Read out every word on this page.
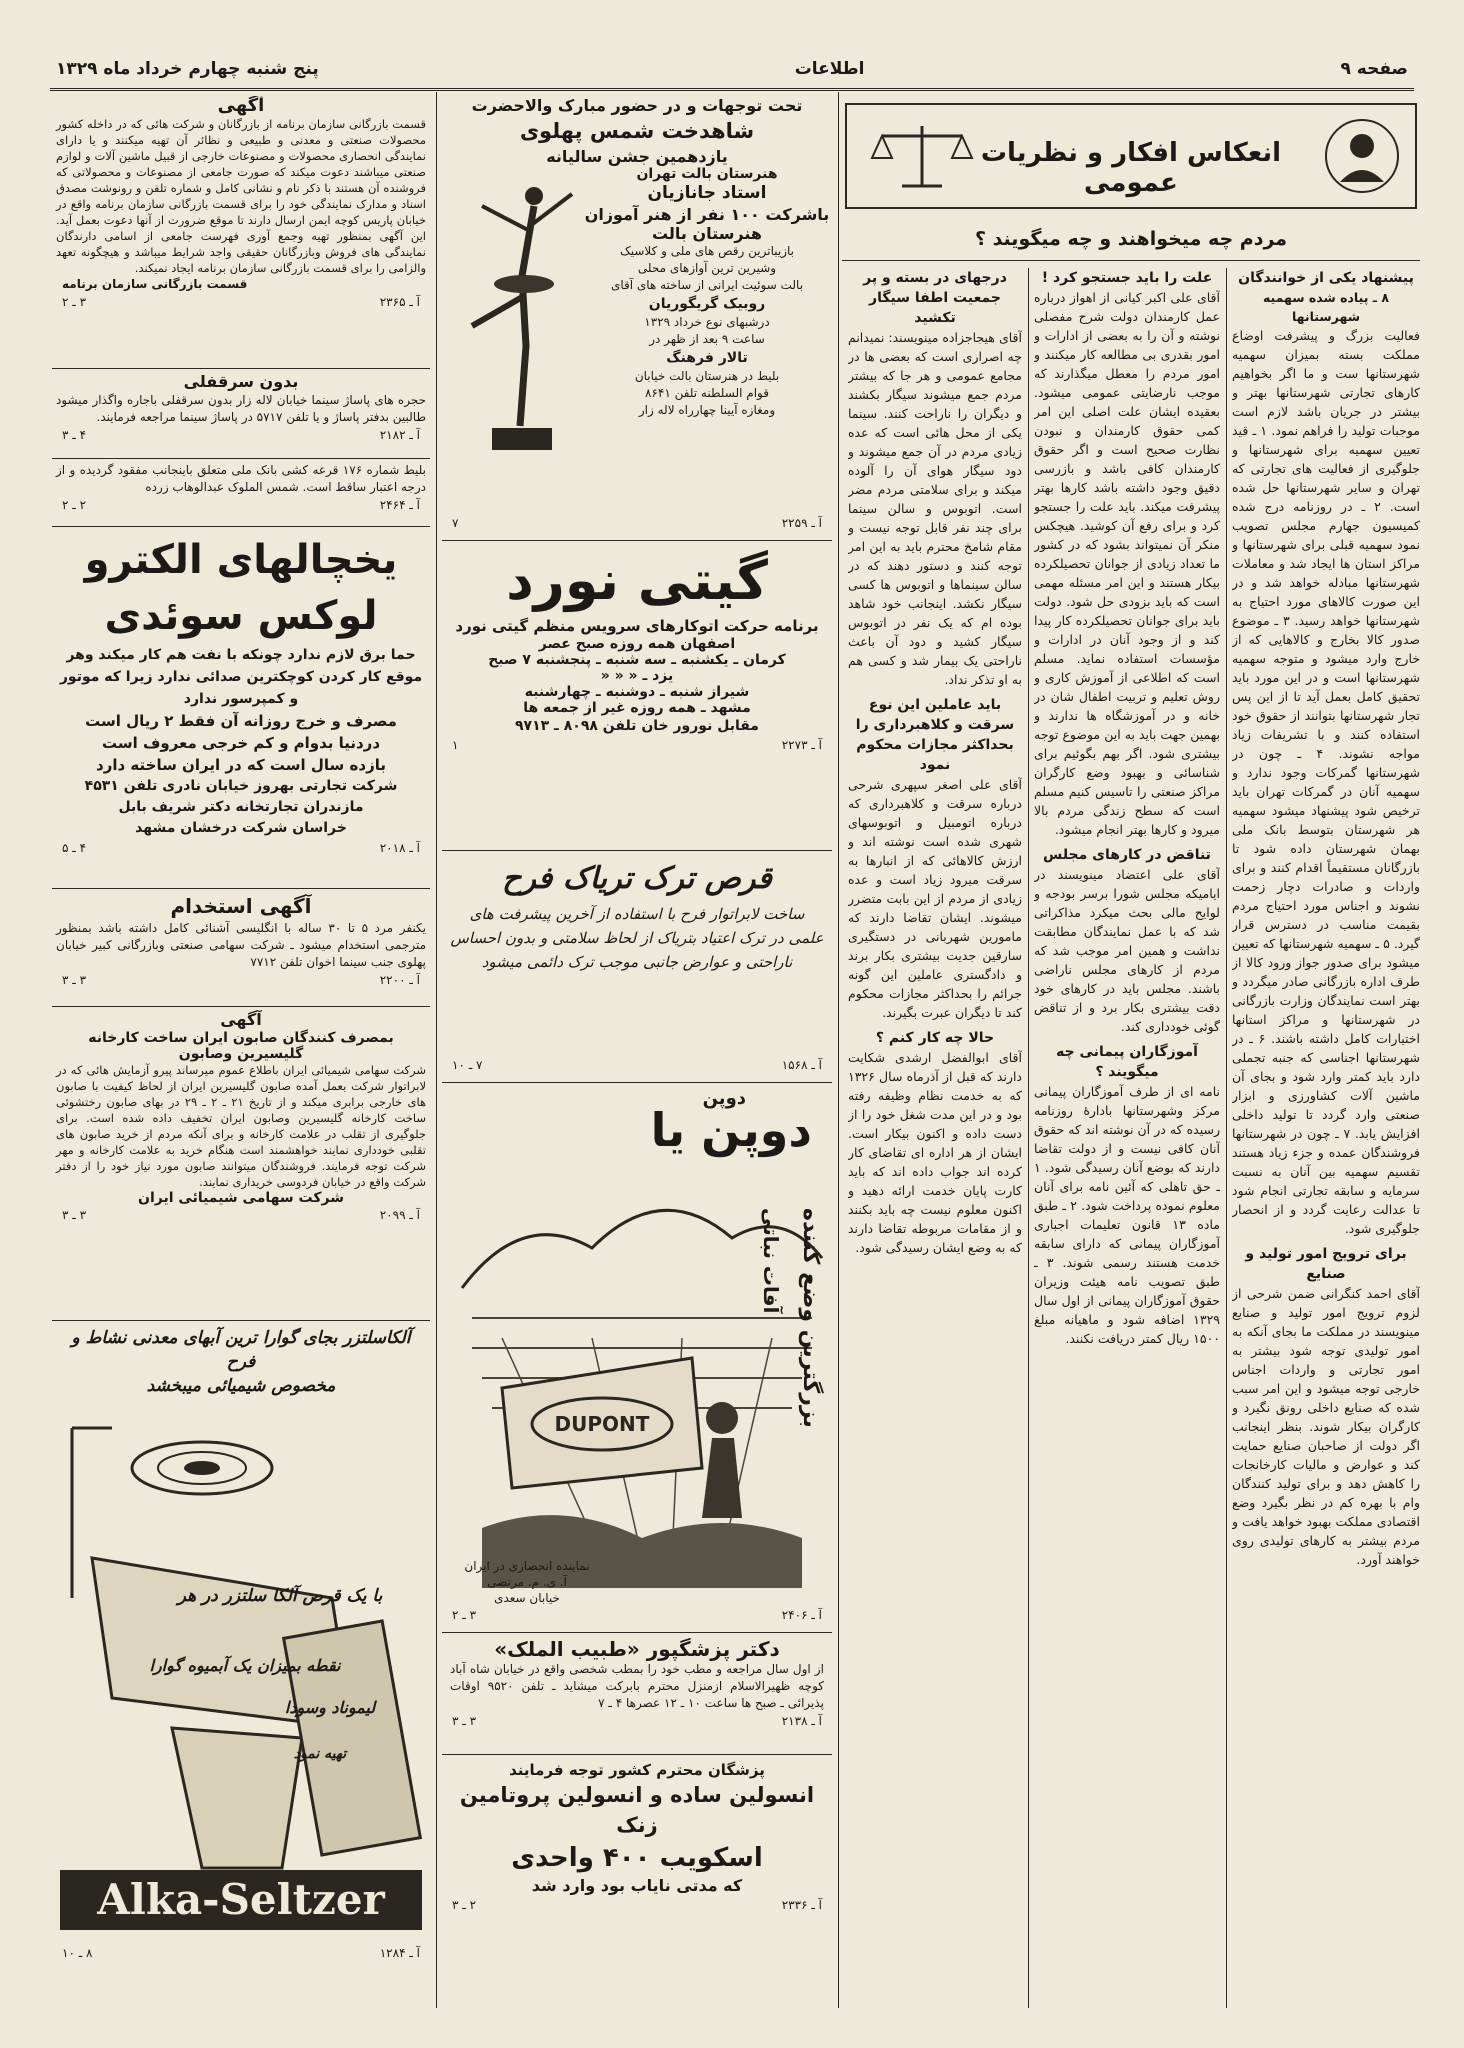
صفحه ۹
اطلاعات
پنج شنبه چهارم خرداد ماه ۱۳۲۹
انعکاس افکار و نظریات عمومی
مردم چه میخواهند و چه میگویند ؟
پیشنهاد یکی از خوانندگان
۸ ـ پیاده شده سهمیه شهرستانها

فعالیت بزرگ و پیشرفت اوضاع مملکت بسته بمیزان سهمیه شهرستانها ست و ما اگر بخواهیم کارهای تجارتی شهرستانها بهتر و بیشتر در جریان باشد لازم است موجبات تولید را فراهم نمود. ۱ ـ قید تعیین سهمیه برای شهرستانها و جلوگیری از فعالیت های تجارتی که تهران و سایر شهرستانها حل شده است. ۲ ـ در روزنامه درج شده کمیسیون جهارم مجلس تصویب نمود سهمیه قبلی برای شهرستانها و مراکز استان ها ایجاد شد و معاملات شهرستانها مبادله خواهد شد و در این صورت کالاهای مورد احتیاج به شهرستانها خواهد رسید. ۳ ـ موضوع صدور کالا بخارج و کالاهایی که از خارج وارد میشود و متوجه سهمیه شهرستانها است و در این مورد باید تحقیق کامل بعمل آید تا از این پس تجار شهرستانها بتوانند از حقوق خود استفاده کنند و با تشریفات زیاد مواجه نشوند. ۴ ـ چون در شهرستانها گمرکات وجود ندارد و سهمیه آنان در گمرکات تهران باید ترخیص شود پیشنهاد میشود سهمیه هر شهرستان بتوسط بانک ملی بهمان شهرستان داده شود تا بازرگانان مستقیماً اقدام کنند و برای واردات و صادرات دچار زحمت نشوند و اجناس مورد احتیاج مردم بقیمت مناسب در دسترس قرار گیرد. ۵ ـ سهمیه شهرستانها که تعیین میشود برای صدور جواز ورود کالا از طرف اداره بازرگانی صادر میگردد و بهتر است نمایندگان وزارت بازرگانی در شهرستانها و مراکز استانها اختیارات کامل داشته باشند. ۶ ـ در شهرستانها اجناسی که جنبه تجملی دارد باید کمتر وارد شود و بجای آن ماشین آلات کشاورزی و ابزار صنعتی وارد گردد تا تولید داخلی افزایش یابد. ۷ ـ چون در شهرستانها فروشندگان عمده و جزء زیاد هستند تقسیم سهمیه بین آنان به نسبت سرمایه و سابقه تجارتی انجام شود تا عدالت رعایت گردد و از انحصار جلوگیری شود.

برای ترویج امور تولید و صنایع

آقای احمد کنگرانی ضمن شرحی از لزوم ترویج امور تولید و صنایع مینویسند در مملکت ما بجای آنکه به امور تولیدی توجه شود بیشتر به امور تجارتی و واردات اجناس خارجی توجه میشود و این امر سبب شده که صنایع داخلی رونق نگیرد و کارگران بیکار شوند. بنظر اینجانب اگر دولت از صاحبان صنایع حمایت کند و عوارض و مالیات کارخانجات را کاهش دهد و برای تولید کنندگان وام با بهره کم در نظر بگیرد وضع اقتصادی مملکت بهبود خواهد یافت و مردم بیشتر به کارهای تولیدی روی خواهند آورد.

علت را باید جستجو کرد !

آقای علی اکبر کیانی از اهواز درباره عمل کارمندان دولت شرح مفصلی نوشته و آن را به بعضی از ادارات و امور بقدری بی مطالعه کار میکنند و امور مردم را معطل میگذارند که موجب نارضایتی عمومی میشود. بعقیده ایشان علت اصلی این امر کمی حقوق کارمندان و نبودن نظارت صحیح است و اگر حقوق کارمندان کافی باشد و بازرسی دقیق وجود داشته باشد کارها بهتر پیشرفت میکند. باید علت را جستجو کرد و برای رفع آن کوشید. هیچکس منکر آن نمیتواند بشود که در کشور ما تعداد زیادی از جوانان تحصیلکرده بیکار هستند و این امر مسئله مهمی است که باید بزودی حل شود. دولت باید برای جوانان تحصیلکرده کار پیدا کند و از وجود آنان در ادارات و مؤسسات استفاده نماید. مسلم است که اطلاعی از آموزش کاری و روش تعلیم و تربیت اطفال شان در خانه و در آموزشگاه ها ندارند و بهمین جهت باید به این موضوع توجه بیشتری شود. اگر بهم بگوئیم برای شناسائی و بهبود وضع کارگران مراکز صنعتی را تاسیس کنیم مسلم است که سطح زندگی مردم بالا میرود و کارها بهتر انجام میشود.

تناقض در کارهای مجلس

آقای علی اعتضاد مینویسند در ایامیکه مجلس شورا برسر بودجه و لوایح مالی بحث میکرد مذاکراتی شد که با عمل نمایندگان مطابقت نداشت و همین امر موجب شد که مردم از کارهای مجلس ناراضی باشند. مجلس باید در کارهای خود دقت بیشتری بکار برد و از تناقض گوئی خودداری کند.

آموزگاران پیمانی چه میگویند ؟

نامه ای از طرف آموزگاران پیمانی مرکز وشهرستانها بادارهٔ روزنامه رسیده که در آن نوشته اند که حقوق آنان کافی نیست و از دولت تقاضا دارند که بوضع آنان رسیدگی شود. ۱ ـ حق تاهلی که آئین نامه برای آنان معلوم نموده پرداخت شود. ۲ ـ طبق ماده ۱۳ قانون تعلیمات اجباری آموزگاران پیمانی که دارای سابقه خدمت هستند رسمی شوند. ۳ ـ طبق تصویب نامه هیئت وزیران حقوق آموزگاران پیمانی از اول سال ۱۳۲۹ اضافه شود و ماهیانه مبلغ ۱۵۰۰ ریال کمتر دریافت نکنند.

درجهای در بسته و پر جمعیت اطفا سیگار تکشید

آقای هیجاجزاده مینویسند: نمیدانم چه اصراری است که بعضی ها در مجامع عمومی و هر جا که بیشتر مردم جمع میشوند سیگار بکشند و دیگران را ناراحت کنند. سینما یکی از محل هائی است که عده زیادی مردم در آن جمع میشوند و دود سیگار هوای آن را آلوده میکند و برای سلامتی مردم مضر است. اتوبوس و سالن سینما برای چند نفر قابل توجه نیست و مقام شامخ محترم باید به این امر توجه کنند و دستور دهند که در سالن سینماها و اتوبوس ها کسی سیگار نکشد. اینجانب خود شاهد بوده ام که یک نفر در اتوبوس سیگار کشید و دود آن باعث ناراحتی یک بیمار شد و کسی هم به او تذکر نداد.

باید عاملین این نوع سرقت و کلاهبرداری را بحداکثر مجازات محکوم نمود

آقای علی اصغر سپهری شرحی درباره سرقت و کلاهبرداری که درباره اتومبیل و اتوبوسهای شهری شده است نوشته اند و ارزش کالاهائی که از انبارها به سرقت میرود زیاد است و عده زیادی از مردم از این بابت متضرر میشوند. ایشان تقاضا دارند که مامورین شهربانی در دستگیری سارقین جدیت بیشتری بکار برند و دادگستری عاملین این گونه جرائم را بحداکثر مجازات محکوم کند تا دیگران عبرت بگیرند.

حالا چه کار کنم ؟

آقای ابوالفضل ارشدی شکایت دارند که قبل از آذرماه سال ۱۳۲۶ که به خدمت نظام وظیفه رفته بود و در این مدت شغل خود را از دست داده و اکنون بیکار است. ایشان از هر اداره ای تقاضای کار کرده اند جواب داده اند که باید کارت پایان خدمت ارائه دهید و اکنون معلوم نیست چه باید بکنند و از مقامات مربوطه تقاضا دارند که به وضع ایشان رسیدگی شود.

تحت توجهات و در حضور مبارک والاحضرت
شاهدخت شمس پهلوی
یازدهمین جشن سالیانه
هنرستان بالت تهران
استاد جانازیان
باشرکت ۱۰۰ نفر از هنر آموزان
هنرستان بالت
بازیباترین رقص های ملی و کلاسیک
وشیرین ترین آوازهای محلی
بالت سوئیت ایرانی از ساخته های آقای
روبیک گریگوریان
درشبهای نوع خرداد ۱۳۲۹
ساعت ۹ بعد از ظهر در
تالار فرهنگ
بلیط در هنرستان بالت خیابان
قوام السلطنه تلفن ۸۶۴۱
ومغازه آیینا چهارراه لاله زار
آ ـ ۲۲۵۹
۷
گیتی نورد
برنامه حرکت اتوکارهای سرویس منظم گیتی نورد
اصفهان همه روزه صبح عصر
کرمان ـ یکشنبه ـ سه شنبه ـ پنجشنبه ۷ صبح
یزد ـ « « «
شیراز شنبه ـ دوشنبه ـ چهارشنبه
مشهد ـ همه روزه غیر از جمعه ها
مقابل نورور خان تلفن ۸۰۹۸ ـ ۹۷۱۳
آ ـ ۲۲۷۳
۱
قرص ترک تریاک فرح
ساخت لابراتوار فرح با استفاده از آخرین پیشرفت های علمی در ترک اعتیاد بتریاک از لحاظ سلامتی و بدون احساس ناراحتی و عوارض جانبی موجب ترک دائمی میشود
آ ـ ۱۵۶۸
۷ ـ ۱۰
DUPONT
دوپن یا
دوپن
بزرگترین وضع کننده
آفات نباتی
نماینده انحصاری در ایران
آ. ی. م. مرتضی
خیابان سعدی
آ ـ ۲۴۰۶
۳ ـ ۲
دکتر پزشگپور «طبیب الملک»
از اول سال مراجعه و مطب خود را بمطب شخصی واقع در خیابان شاه آباد کوچه ظهیرالاسلام ازمنزل محترم بابرکت میشاید ـ تلفن ۹۵۲۰ اوقات پذیرائی ـ صبح ها ساعت ۱۰ ـ ۱۲ عصرها ۴ ـ ۷
آ ـ ۲۱۳۸
۳ ـ ۳
پزشگان محترم کشور توجه فرمایند
انسولین ساده و انسولین پروتامین زنک
اسکویب ۴۰۰ واحدی
که مدتی نایاب بود وارد شد
آ ـ ۲۳۳۶
۲ ـ ۳
آگهی
قسمت بازرگانی سازمان برنامه از بازرگانان و شرکت هائی که در داخله کشور محصولات صنعتی و معدنی و طبیعی و نظائر آن تهیه میکنند و یا دارای نمایندگی انحصاری محصولات و مصنوعات خارجی از قبیل ماشین آلات و لوازم صنعتی میباشند دعوت میکند که صورت جامعی از مصنوعات و محصولاتی که فروشنده آن هستند با ذکر نام و نشانی کامل و شماره تلفن و رونوشت مصدق اسناد و مدارک نمایندگی خود را برای قسمت بازرگانی سازمان برنامه واقع در خیابان پاریس کوچه ایمن ارسال دارند تا موقع ضرورت از آنها دعوت بعمل آید. این آگهی بمنظور تهیه وجمع آوری فهرست جامعی از اسامی دارندگان نمایندگی های فروش وبازرگانان حقیقی واجد شرایط میباشد و هیچگونه تعهد والزامی را برای قسمت بازرگانی سازمان برنامه ایجاد نمیکند.
قسمت بازرگانی سازمان برنامه
آ ـ ۲۳۶۵
۳ ـ ۲
بدون سرقفلی
حجره های پاساژ سینما خیابان لاله زار بدون سرقفلی باجاره واگذار میشود طالبین بدفتر پاساژ و یا تلفن ۵۷۱۷ در پاساژ سینما مراجعه فرمایند.
آ ـ ۲۱۸۲
۴ ـ ۳
بلیط شماره ۱۷۶ قرعه کشی بانک ملی متعلق باینجانب مفقود گردیده و از درجه اعتبار ساقط است. شمس الملوک عبدالوهاب زرده
آ ـ ۲۴۶۴
۲ ـ ۲
یخچالهای الکترو
لوکس سوئدی
حما برق لازم ندارد چونکه با نفت هم کار میکند وهر موقع کار کردن کوچکترین صدائی ندارد زیرا که موتور و کمپرسور ندارد
مصرف و خرج روزانه آن فقط ۲ ریال است
دردنیا بدوام و کم خرجی معروف است
بازده سال است که در ایران ساخته دارد
شرکت تجارتی بهروز خیابان نادری تلفن ۴۵۳۱
مازندران تجارتخانه دکتر شریف بابل
خراسان شرکت درخشان مشهد
آ ـ ۲۰۱۸
۴ ـ ۵
آگهی استخدام
یکنفر مرد ۵ تا ۳۰ ساله با انگلیسی آشنائی کامل داشته باشد بمنظور مترجمی استخدام میشود ـ شرکت سهامی صنعتی وبازرگانی کبیر خیابان پهلوی جنب سینما اخوان تلفن ۷۷۱۲
آ ـ ۲۲۰۰
۳ ـ ۳
آگهی
بمصرف کنندگان صابون ایران ساخت کارخانه
گلیسیرین وصابون
شرکت سهامی شیمیائی ایران باطلاع عموم میرساند پیرو آزمایش هائی که در لابراتوار شرکت بعمل آمده صابون گلیسیرین ایران از لحاظ کیفیت با صابون های خارجی برابری میکند و از تاریخ ۲۱ ـ ۲ ـ ۲۹ در بهای صابون رختشوئی ساخت کارخانه گلیسیرین وصابون ایران تخفیف داده شده است. برای جلوگیری از تقلب در علامت کارخانه و برای آنکه مردم از خرید صابون های تقلبی خودداری نمایند خواهشمند است هنگام خرید به علامت کارخانه و مهر شرکت توجه فرمایند. فروشندگان میتوانند صابون مورد نیاز خود را از دفتر شرکت واقع در خیابان فردوسی خریداری نمایند.
شرکت سهامی شیمیائی ایران
آ ـ ۲۰۹۹
۳ ـ ۳
آلکاسلتزر بجای گوارا ترین آبهای معدنی نشاط و فرح
مخصوص شیمیائی میبخشد
با یک قرص آلکا سلتزر در هر
نقطه بمیزان یک آبمیوه گوارا
لیموناد وسودا
تهیه نمود
Alka-Seltzer
آ ـ ۱۲۸۴
۸ ـ ۱۰
